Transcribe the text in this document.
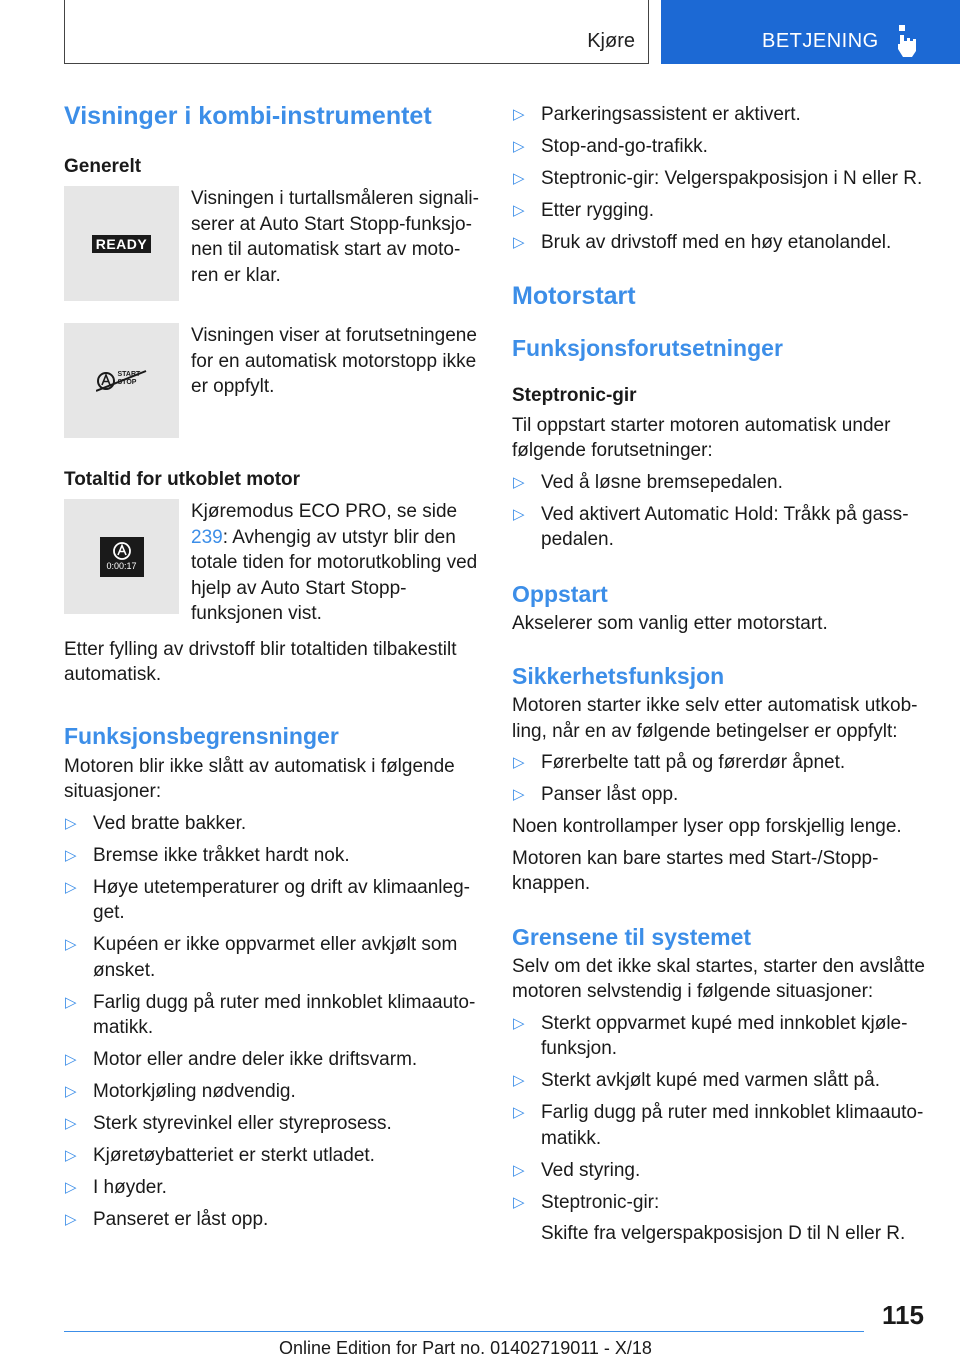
Kjøre	BETJENING
Visninger i kombi-instrumentet
Generelt
READY
Visningen i turtallsmåleren signaliserer at Auto Start Stopp-funksjonen til automatisk start av motoren er klar.
START
STOP
Visningen viser at forutsetningene for en automatisk motorstopp ikke er oppfylt.
Totaltid for utkoblet motor
0:00:17
Kjøremodus ECO PRO, se side 239: Avhengig av utstyr blir den totale tiden for motorutkobling ved hjelp av Auto Start Stopp-funksjonen vist.

Etter fylling av drivstoff blir totaltiden tilbakestilt automatisk.

Funksjonsbegrensninger

Motoren blir ikke slått av automatisk i følgende situasjoner:

▷ Ved bratte bakker.
▷ Bremse ikke tråkket hardt nok.
▷ Høye utetemperaturer og drift av klimaanlegget.
▷ Kupéen er ikke oppvarmet eller avkjølt som ønsket.
▷ Farlig dugg på ruter med innkoblet klimaautomatikk.
▷ Motor eller andre deler ikke driftsvarm.
▷ Motorkjøling nødvendig.
▷ Sterk styrevinkel eller styreprosess.
▷ Kjøretøybatteriet er sterkt utladet.
▷ I høyder.
▷ Panseret er låst opp.
▷ Parkeringsassistent er aktivert.
▷ Stop-and-go-trafikk.
▷ Steptronic-gir: Velgerspakposisjon i N eller R.
▷ Etter rygging.
▷ Bruk av drivstoff med en høy etanolandel.
Motorstart
Funksjonsforutsetninger
Steptronic-gir

Til oppstart starter motoren automatisk under følgende forutsetninger:

▷ Ved å løsne bremsepedalen.
▷ Ved aktivert Automatic Hold: Tråkk på gasspedalen.
Oppstart

Akselerer som vanlig etter motorstart.

Sikkerhetsfunksjon

Motoren starter ikke selv etter automatisk utkobling, når en av følgende betingelser er oppfylt:

▷ Førerbelte tatt på og førerdør åpnet.
▷ Panser låst opp.

Noen kontrollamper lyser opp forskjellig lenge.

Motoren kan bare startes med Start-/Stopp-knappen.

Grensene til systemet

Selv om det ikke skal startes, starter den avslåtte motoren selvstendig i følgende situasjoner:

▷ Sterkt oppvarmet kupé med innkoblet kjølefunksjon.
▷ Sterkt avkjølt kupé med varmen slått på.
▷ Farlig dugg på ruter med innkoblet klimaautomatikk.
▷ Ved styring.
▷ Steptronic-gir:

Skifte fra velgerspakposisjon D til N eller R.

115
Online Edition for Part no. 01402719011 - X/18
